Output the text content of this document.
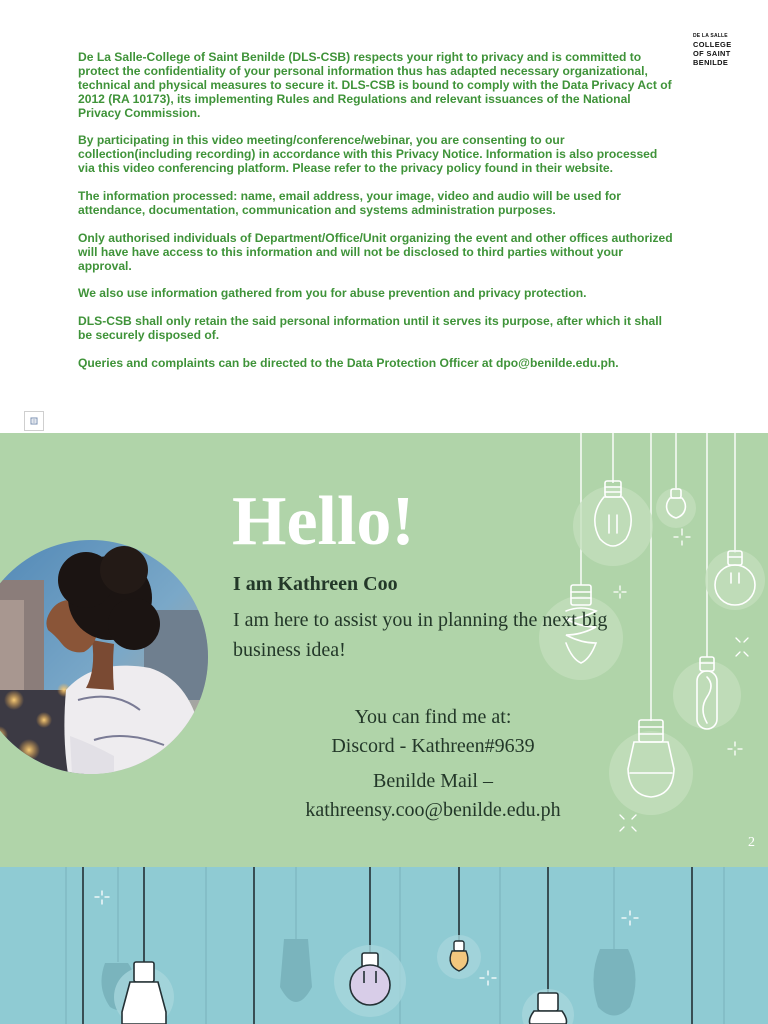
DE LA SALLE
COLLEGE
OF SAINT
BENILDE

De La Salle-College of Saint Benilde (DLS-CSB) respects your right to privacy and is committed to protect the confidentiality of your personal information thus has adapted necessary organizational, technical and physical measures to secure it. DLS-CSB is bound to comply with the Data Privacy Act of 2012 (RA 10173), its implementing Rules and Regulations and relevant issuances of the National Privacy Commission.

By participating in this video meeting/conference/webinar, you are consenting to our collection(including recording) in accordance with this Privacy Notice. Information is also processed via this video conferencing platform. Please refer to the privacy policy found in their website.

The information processed: name, email address, your image, video and audio will be used for attendance, documentation, communication and systems administration purposes.

Only authorised individuals of Department/Office/Unit organizing the event and other offices authorized will have have access to this information and will not be disclosed to third parties without your approval.

We also use information gathered from you for abuse prevention and privacy protection.

DLS-CSB shall only retain the said personal information until it serves its purpose, after which it shall be securely disposed of.

Queries and complaints can be directed to the Data Protection Officer at dpo@benilde.edu.ph.

Hello!
I am Kathreen Coo
I am here to assist you in planning the next big business idea!
You can find me at:
Discord - Kathreen#9639
Benilde Mail –
kathreensy.coo@benilde.edu.ph
2
